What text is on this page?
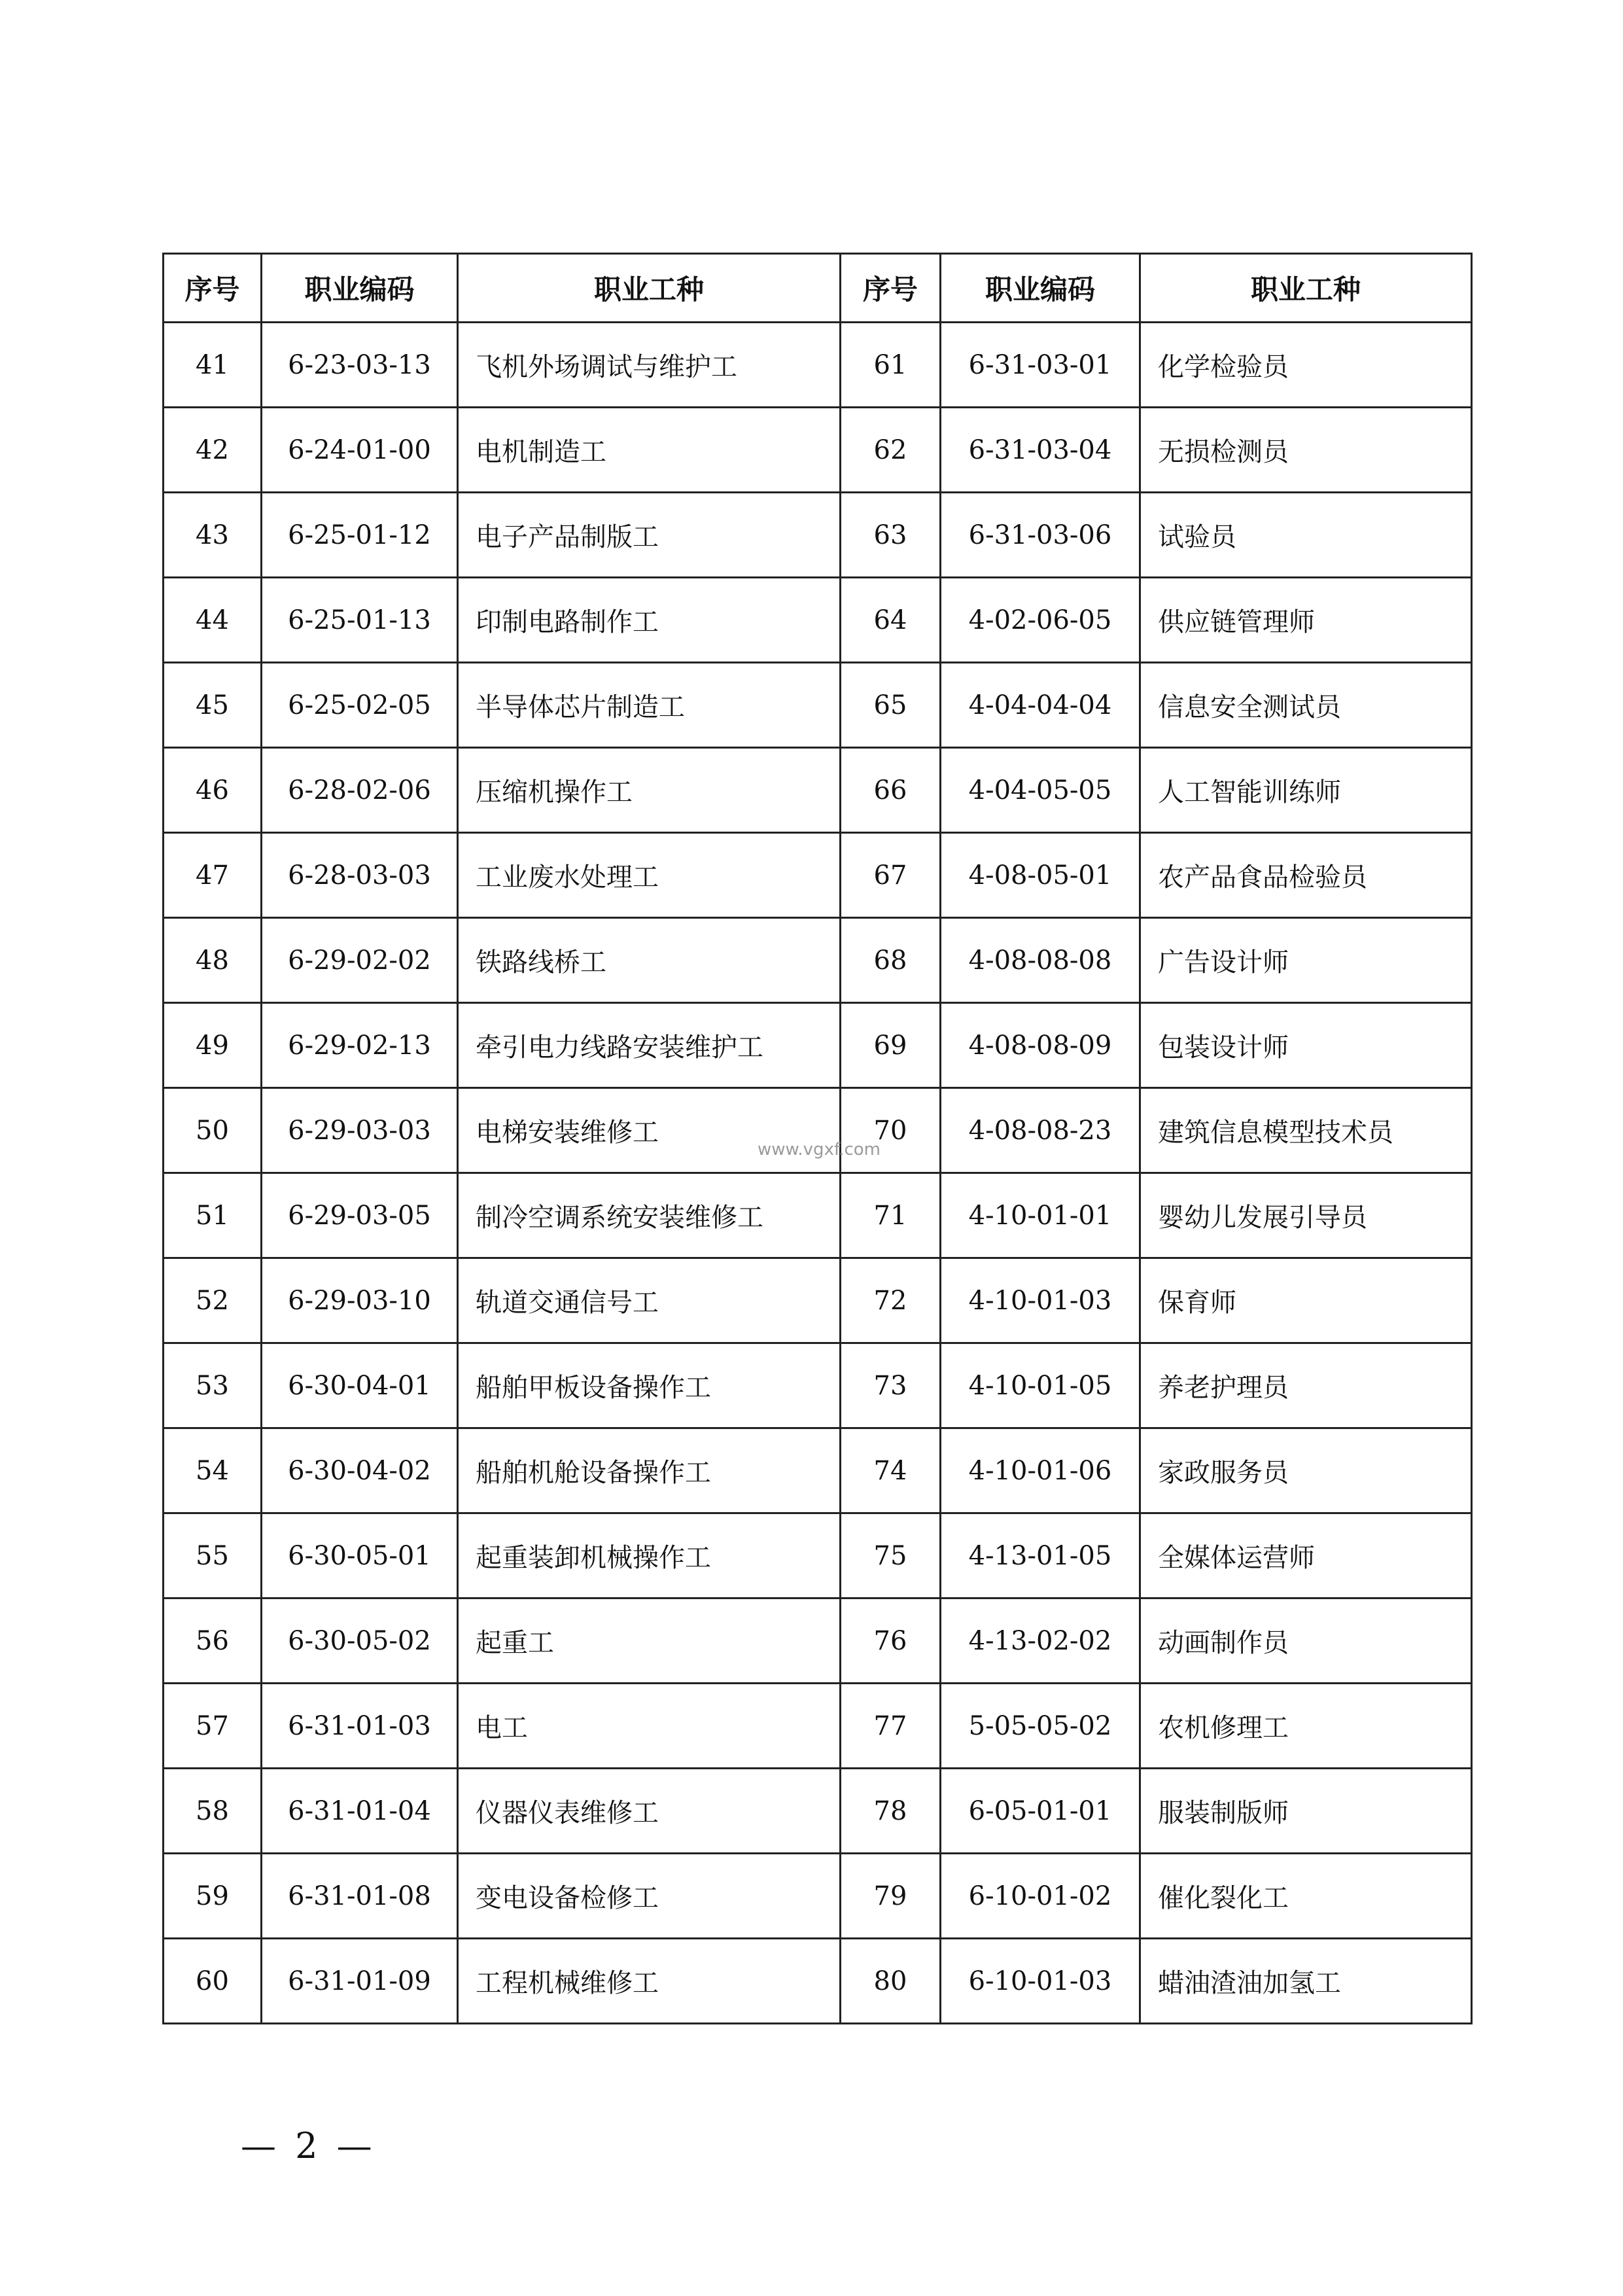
序号	职业编码	职业工种	序号	职业编码	职业工种
41	6-23-03-13	飞机外场调试与维护工	61	6-31-03-01	化学检验员
42	6-24-01-00	电机制造工	62	6-31-03-04	无损检测员
43	6-25-01-12	电子产品制版工	63	6-31-03-06	试验员
44	6-25-01-13	印制电路制作工	64	4-02-06-05	供应链管理师
45	6-25-02-05	半导体芯片制造工	65	4-04-04-04	信息安全测试员
46	6-28-02-06	压缩机操作工	66	4-04-05-05	人工智能训练师
47	6-28-03-03	工业废水处理工	67	4-08-05-01	农产品食品检验员
48	6-29-02-02	铁路线桥工	68	4-08-08-08	广告设计师
49	6-29-02-13	牵引电力线路安装维护工	69	4-08-08-09	包装设计师
50	6-29-03-03	电梯安装维修工	70	4-08-08-23	建筑信息模型技术员
51	6-29-03-05	制冷空调系统安装维修工	71	4-10-01-01	婴幼儿发展引导员
52	6-29-03-10	轨道交通信号工	72	4-10-01-03	保育师
53	6-30-04-01	船舶甲板设备操作工	73	4-10-01-05	养老护理员
54	6-30-04-02	船舶机舱设备操作工	74	4-10-01-06	家政服务员
55	6-30-05-01	起重装卸机械操作工	75	4-13-01-05	全媒体运营师
56	6-30-05-02	起重工	76	4-13-02-02	动画制作员
57	6-31-01-03	电工	77	5-05-05-02	农机修理工
58	6-31-01-04	仪器仪表维修工	78	6-05-01-01	服装制版师
59	6-31-01-08	变电设备检修工	79	6-10-01-02	催化裂化工
60	6-31-01-09	工程机械维修工	80	6-10-01-03	蜡油渣油加氢工
www.vgxf.com
— 2 —
